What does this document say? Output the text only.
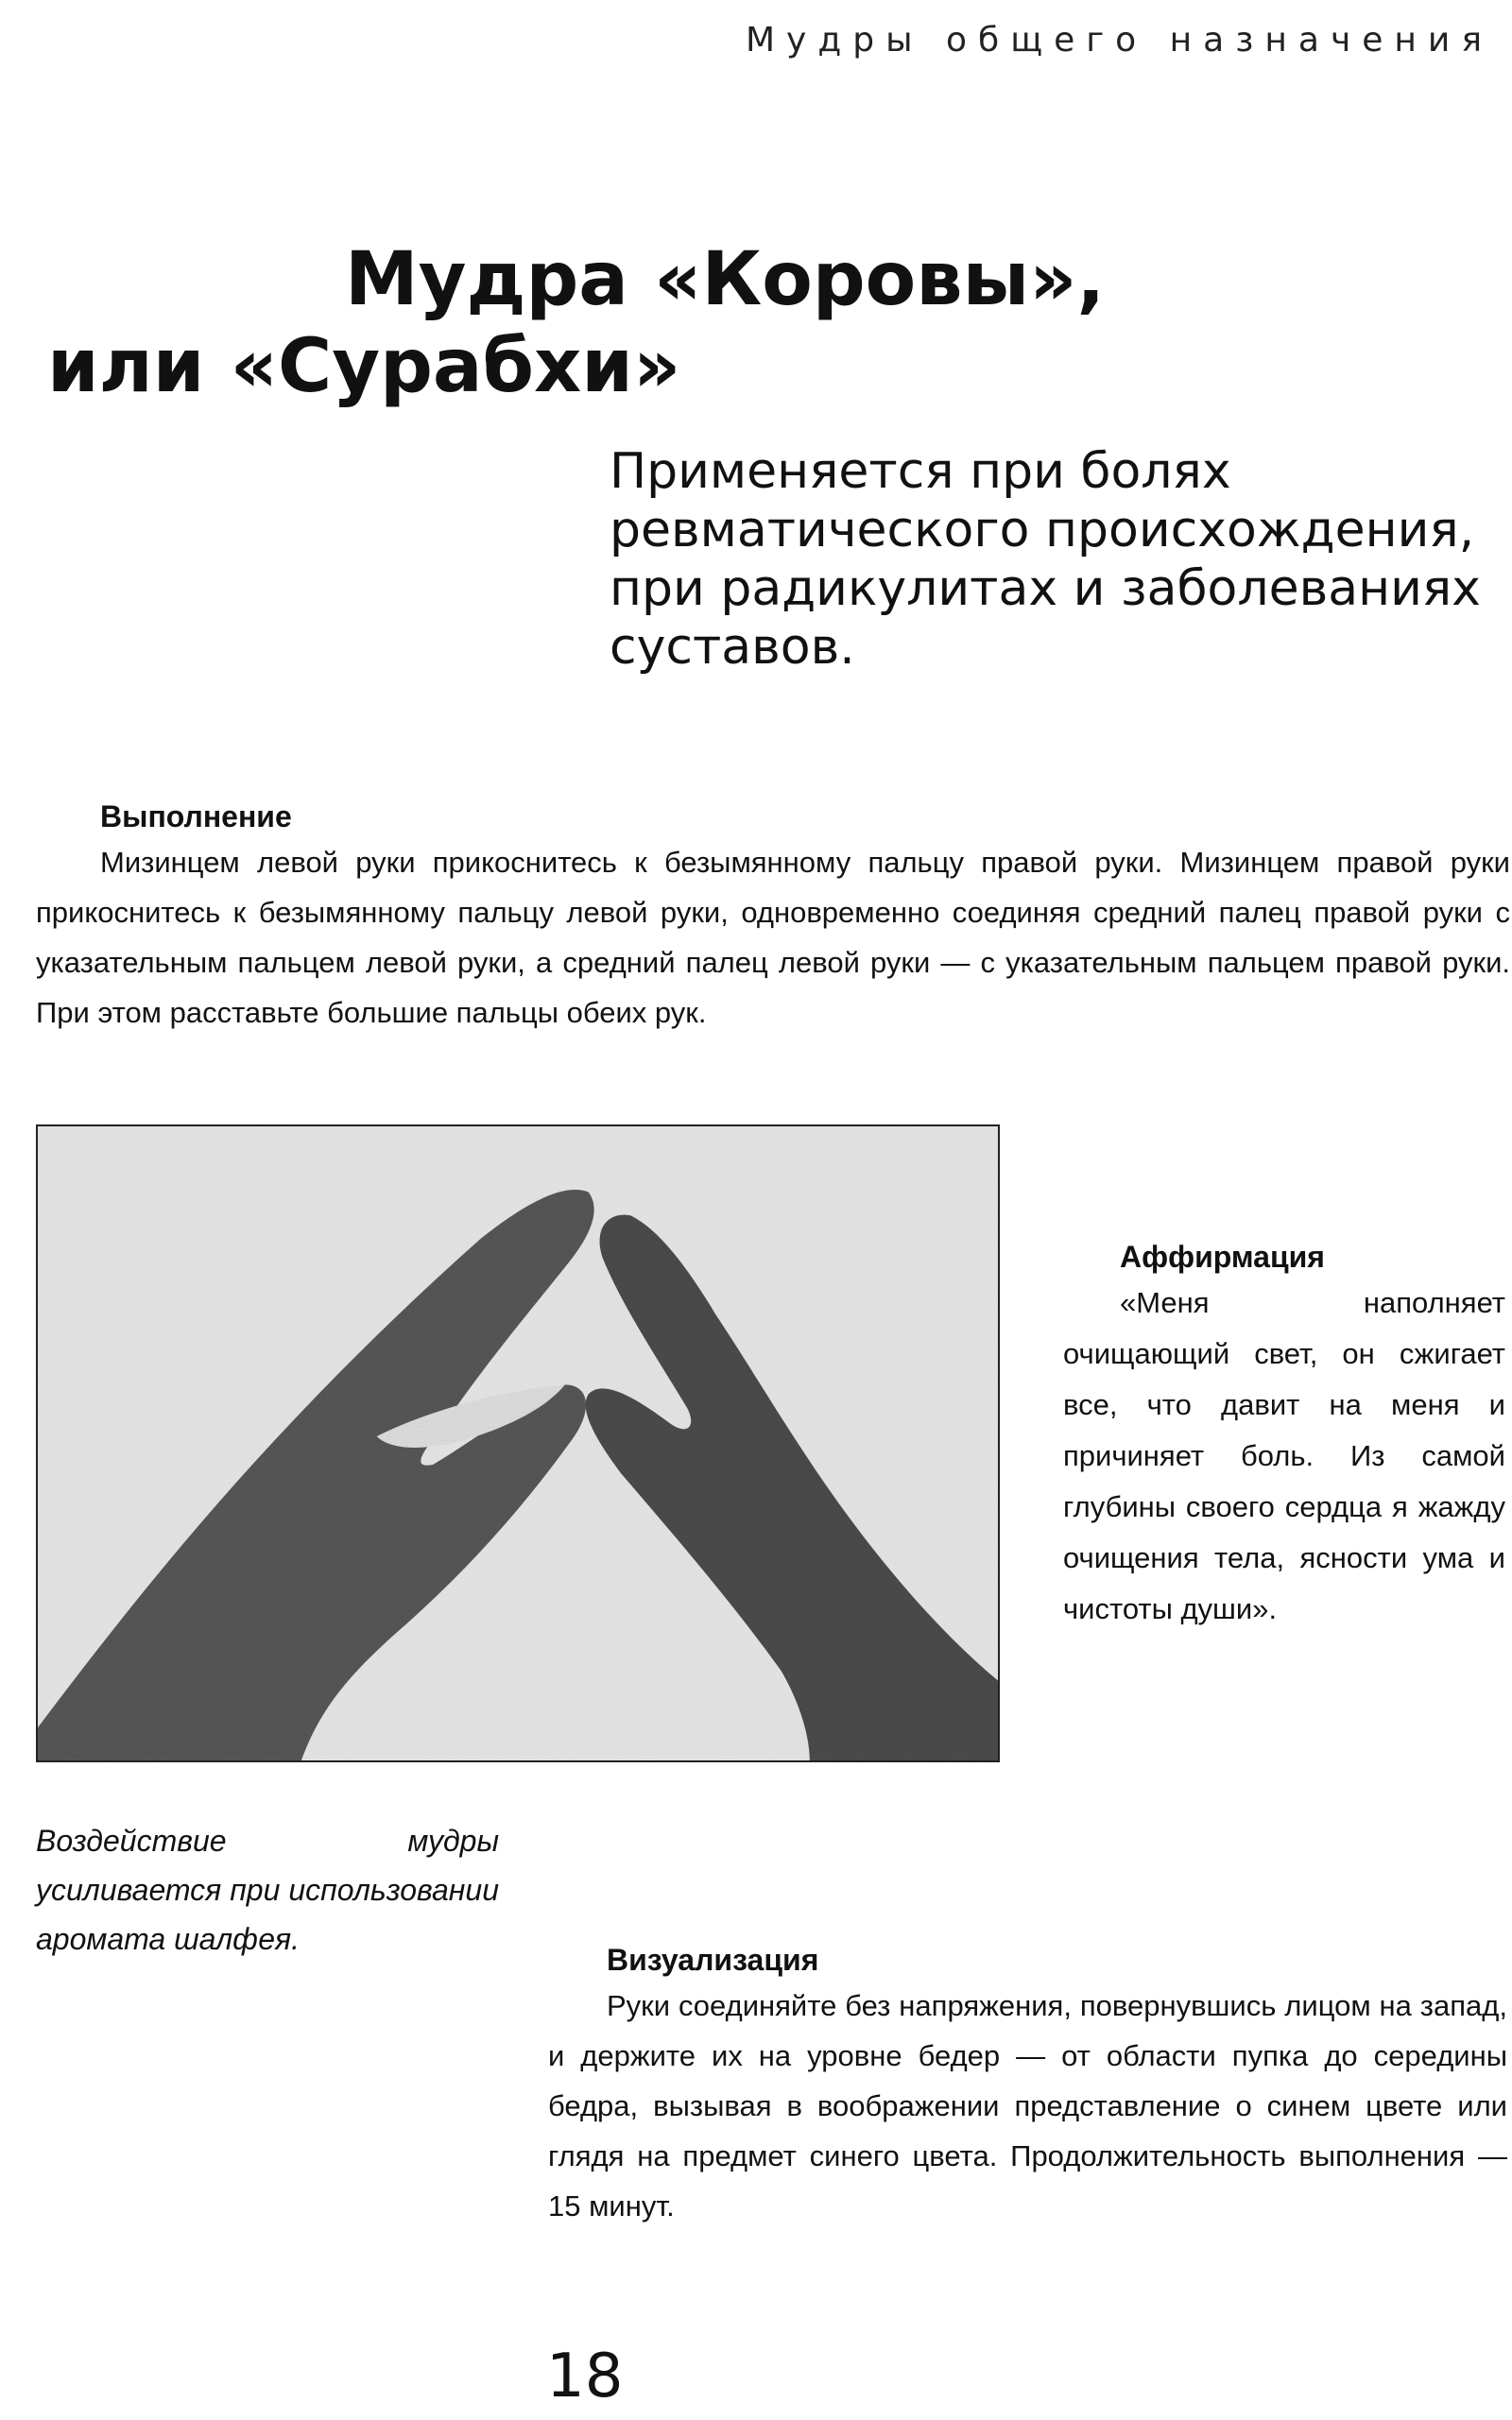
Мудры общего назначения
Мудра «Коровы»,
или «Сурабхи»

Применяется при болях ревматического происхождения, при радикулитах и заболеваниях суставов.

Выполнение

Мизинцем левой руки прикоснитесь к безымянному пальцу правой руки. Мизинцем правой руки прикоснитесь к безымянному пальцу левой руки, одновременно соединяя средний палец правой руки с указательным пальцем левой руки, а средний палец левой руки — с указательным пальцем правой руки. При этом расставьте большие пальцы обеих рук.

Аффирмация

«Меня наполняет очищающий свет, он сжигает все, что давит на меня и причиняет боль. Из самой глубины своего сердца я жажду очищения тела, ясности ума и чистоты души».

Воздействие мудры усиливается при использовании аромата шалфея.

Визуализация

Руки соединяйте без напряжения, повернувшись лицом на запад, и держите их на уровне бедер — от области пупка до середины бедра, вызывая в воображении представление о синем цвете или глядя на предмет синего цвета. Продолжительность выполнения — 15 минут.

18
